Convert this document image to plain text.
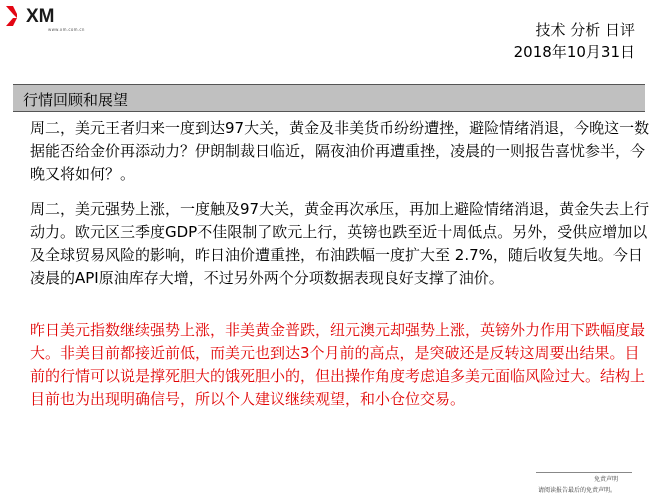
XM
www.xm.com.cn	技术 分析 日评
2018年10月31日
行情回顾和展望

周二，美元王者归来一度到达97大关，黄金及非美货币纷纷遭挫，避险情绪消退，今晚这一数据能否给金价再添动力？伊朗制裁日临近，隔夜油价再遭重挫，凌晨的一则报告喜忧参半，今晚又将如何？。

周二，美元强势上涨，一度触及97大关，黄金再次承压，再加上避险情绪消退，黄金失去上行动力。欧元区三季度GDP不佳限制了欧元上行，英镑也跌至近十周低点。另外，受供应增加以及全球贸易风险的影响，昨日油价遭重挫，布油跌幅一度扩大至 2.7%，随后收复失地。今日凌晨的API原油库存大增，不过另外两个分项数据表现良好支撑了油价。

昨日美元指数继续强势上涨，非美黄金普跌，纽元澳元却强势上涨，英镑外力作用下跌幅度最大。非美目前都接近前低，而美元也到达3个月前的高点，是突破还是反转这周要出结果。目前的行情可以说是撑死胆大的饿死胆小的，但出操作角度考虑追多美元面临风险过大。结构上目前也为出现明确信号，所以个人建议继续观望，和小仓位交易。

免责声明
请阅读报告最后的免责声明。
